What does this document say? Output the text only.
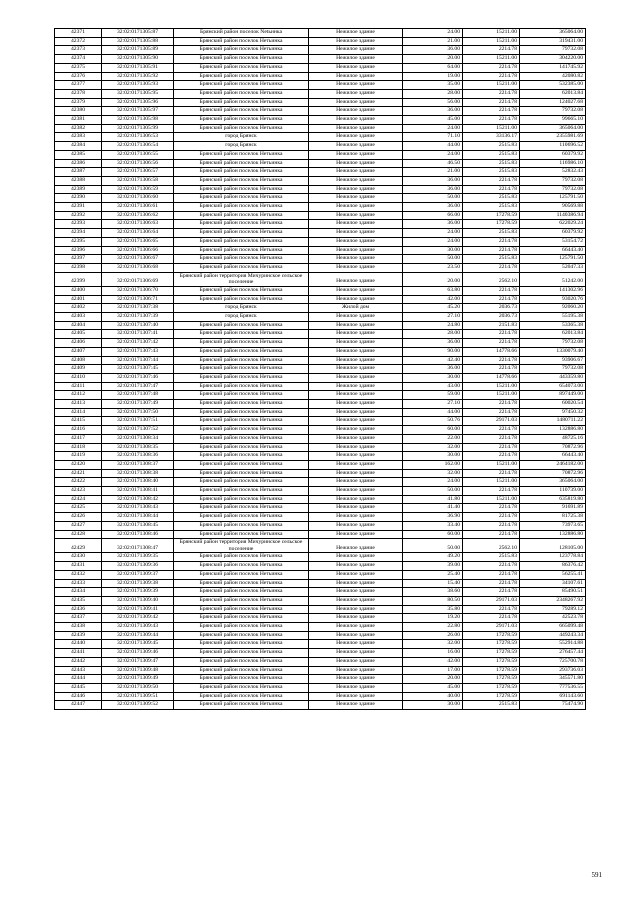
42371	32:02:0171305:87	Брянский район поселок Netьинка	Нежилое здание	24.00	15211.00	365064.00
42372	32:02:0171305:88	Брянский район поселок Нетьинка	Нежилое здание	21.00	15211.00	319431.00
42373	32:02:0171305:89	Брянский район поселок Нетьинка	Нежилое здание	36.00	2214.78	79732.08
42374	32:02:0171305:90	Брянский район поселок Нетьинка	Нежилое здание	20.00	15211.00	304220.00
42375	32:02:0171305:91	Брянский район поселок Нетьинка	Нежилое здание	64.00	2214.78	141745.92
42376	32:02:0171305:92	Брянский район поселок Нетьинка	Нежилое здание	19.00	2214.78	42080.82
42377	32:02:0171305:93	Брянский район поселок Нетьинка	Нежилое здание	35.00	15211.00	532385.00
42378	32:02:0171305:95	Брянский район поселок Нетьинка	Нежилое здание	28.00	2214.78	62013.84
42379	32:02:0171305:96	Брянский район поселок Нетьинка	Нежилое здание	56.00	2214.78	124027.68
42380	32:02:0171305:97	Брянский район поселок Нетьинка	Нежилое здание	36.00	2214.78	79732.08
42381	32:02:0171305:98	Брянский район поселок Нетьинка	Нежилое здание	45.00	2214.78	99665.10
42382	32:02:0171305:99	Брянский район поселок Нетьинка	Нежилое здание	24.00	15211.00	365064.00
42383	32:02:0171306:53	город Брянск	Нежилое здание	71.10	33136.17	2355981.69
42384	32:02:0171306:54	город Брянск	Нежилое здание	44.00	2515.83	110696.52
42385	32:02:0171306:55	Брянский район поселок Нетьинка	Нежилое здание	24.00	2515.83	60379.92
42386	32:02:0171306:56	Брянский район поселок Нетьинка	Нежилое здание	46.50	2515.83	116986.10
42387	32:02:0171306:57	Брянский район поселок Нетьинка	Нежилое здание	21.00	2515.83	52832.43
42388	32:02:0171306:58	Брянский район поселок Нетьинка	Нежилое здание	36.00	2214.78	79732.08
42389	32:02:0171306:59	Брянский район поселок Нетьинка	Нежилое здание	36.00	2214.78	79732.08
42390	32:02:0171306:60	Брянский район поселок Нетьинка	Нежилое здание	50.00	2515.83	125791.50
42391	32:02:0171306:61	Брянский район поселок Нетьинка	Нежилое здание	36.00	2515.83	90569.88
42392	32:02:0171306:62	Брянский район поселок Нетьинка	Нежилое здание	66.00	17278.59	1140386.94
42393	32:02:0171306:63	Брянский район поселок Нетьинка	Нежилое здание	36.00	17278.59	622029.24
42394	32:02:0171306:64	Брянский район поселок Нетьинка	Нежилое здание	24.00	2515.83	60379.92
42395	32:02:0171306:65	Брянский район поселок Нетьинка	Нежилое здание	24.00	2214.78	53154.72
42396	32:02:0171306:66	Брянский район поселок Нетьинка	Нежилое здание	30.00	2214.78	66443.40
42397	32:02:0171306:67	Брянский район поселок Нетьинка	Нежилое здание	50.00	2515.83	125791.50
42398	32:02:0171306:68	Брянский район поселок Нетьинка	Нежилое здание	23.50	2214.78	52047.33
42399	32:02:0171306:69	Брянский район территория Мичуринское сельское поселение	Нежилое здание	20.00	2562.10	51242.00
42400	32:02:0171306:70	Брянский район поселок Нетьинка	Нежилое здание	63.80	2214.78	141302.96
42401	32:02:0171306:71	Брянский район поселок Нетьинка	Нежилое здание	42.00	2214.78	93020.76
42402	32:02:0171307:38	город Брянск	Жилой дом	45.20	2036.73	92060.20
42403	32:02:0171307:39	город Брянск	Нежилое здание	27.10	2036.73	55195.38
42404	32:02:0171307:40	Брянский район поселок Нетьинка	Нежилое здание	24.80	2151.83	53365.38
42405	32:02:0171307:41	Брянский район поселок Нетьинка	Нежилое здание	28.00	2214.78	62013.84
42406	32:02:0171307:42	Брянский район поселок Нетьинка	Нежилое здание	36.00	2214.78	79732.08
42407	32:02:0171307:43	Брянский район поселок Нетьинка	Нежилое здание	90.00	14778.66	1330079.40
42408	32:02:0171307:44	Брянский район поселок Нетьинка	Нежилое здание	42.40	2214.78	93906.67
42409	32:02:0171307:45	Брянский район поселок Нетьинка	Нежилое здание	36.00	2214.78	79732.08
42410	32:02:0171307:46	Брянский район поселок Нетьинка	Нежилое здание	30.00	14778.66	443359.80
42411	32:02:0171307:47	Брянский район поселок Нетьинка	Нежилое здание	43.00	15211.00	654073.00
42412	32:02:0171307:48	Брянский район поселок Нетьинка	Нежилое здание	59.00	15211.00	897449.00
42413	32:02:0171307:49	Брянский район поселок Нетьинка	Нежилое здание	27.10	2214.78	60020.54
42414	32:02:0171307:50	Брянский район поселок Нетьинка	Нежилое здание	44.00	2214.78	97450.32
42415	32:02:0171307:51	Брянский район поселок Нетьинка	Нежилое здание	50.76	29171.03	1480711.22
42416	32:02:0171307:52	Брянский район поселок Нетьинка	Нежилое здание	60.00	2214.78	132886.80
42417	32:02:0171308:34	Брянский район поселок Нетьинка	Нежилое здание	22.00	2214.78	48725.16
42418	32:02:0171308:35	Брянский район поселок Нетьинка	Нежилое здание	32.00	2214.78	70872.96
42419	32:02:0171308:36	Брянский район поселок Нетьинка	Нежилое здание	30.00	2214.78	66443.40
42420	32:02:0171308:37	Брянский район поселок Нетьинка	Нежилое здание	162.00	15211.00	2464182.00
42421	32:02:0171308:38	Брянский район поселок Нетьинка	Нежилое здание	32.00	2214.78	70872.96
42422	32:02:0171308:40	Брянский район поселок Нетьинка	Нежилое здание	24.00	15211.00	365064.00
42423	32:02:0171308:41	Брянский район поселок Нетьинка	Нежилое здание	50.00	2214.78	110739.00
42424	32:02:0171308:42	Брянский район поселок Нетьинка	Нежилое здание	41.80	15211.00	635819.80
42425	32:02:0171308:43	Брянский район поселок Нетьинка	Нежилое здание	41.40	2214.78	91691.89
42426	32:02:0171308:44	Брянский район поселок Нетьинка	Нежилое здание	36.90	2214.78	81725.38
42427	32:02:0171308:45	Брянский район поселок Нетьинка	Нежилое здание	33.40	2214.78	73973.65
42428	32:02:0171308:46	Брянский район поселок Нетьинка	Нежилое здание	60.00	2214.78	132886.80
42429	32:02:0171308:47	Брянский район территория Мичуринское сельское поселение	Нежилое здание	50.00	2562.10	128105.00
42430	32:02:0171309:35	Брянский район поселок Нетьинка	Нежилое здание	49.20	2515.83	123778.84
42431	32:02:0171309:36	Брянский район поселок Нетьинка	Нежилое здание	39.00	2214.78	86376.42
42432	32:02:0171309:37	Брянский район поселок Нетьинка	Нежилое здание	25.40	2214.78	56255.41
42433	32:02:0171309:38	Брянский район поселок Нетьинка	Нежилое здание	15.40	2214.78	34107.61
42434	32:02:0171309:39	Брянский район поселок Нетьинка	Нежилое здание	38.60	2214.78	85490.51
42435	32:02:0171309:40	Брянский район поселок Нетьинка	Нежилое здание	80.50	29171.03	2348267.92
42436	32:02:0171309:41	Брянский район поселок Нетьинка	Нежилое здание	35.80	2214.78	79289.12
42437	32:02:0171309:42	Брянский район поселок Нетьинка	Нежилое здание	19.20	2214.78	42523.78
42438	32:02:0171309:43	Брянский район поселок Нетьинка	Нежилое здание	22.80	29171.03	665099.48
42439	32:02:0171309:44	Брянский район поселок Нетьинка	Нежилое здание	26.00	17278.59	449243.34
42440	32:02:0171309:45	Брянский район поселок Нетьинка	Нежилое здание	32.00	17278.59	552914.88
42441	32:02:0171309:46	Брянский район поселок Нетьинка	Нежилое здание	16.00	17278.59	276457.44
42442	32:02:0171309:47	Брянский район поселок Нетьинка	Нежилое здание	42.00	17278.59	725700.78
42443	32:02:0171309:48	Брянский район поселок Нетьинка	Нежилое здание	17.00	17278.59	293736.03
42444	32:02:0171309:49	Брянский район поселок Нетьинка	Нежилое здание	20.00	17278.59	345571.80
42445	32:02:0171309:50	Брянский район поселок Нетьинка	Нежилое здание	45.00	17278.59	777536.55
42446	32:02:0171309:51	Брянский район поселок Нетьинка	Нежилое здание	40.00	17278.59	691143.60
42447	32:02:0171309:52	Брянский район поселок Нетьинка	Нежилое здание	30.00	2515.83	75474.90
591
